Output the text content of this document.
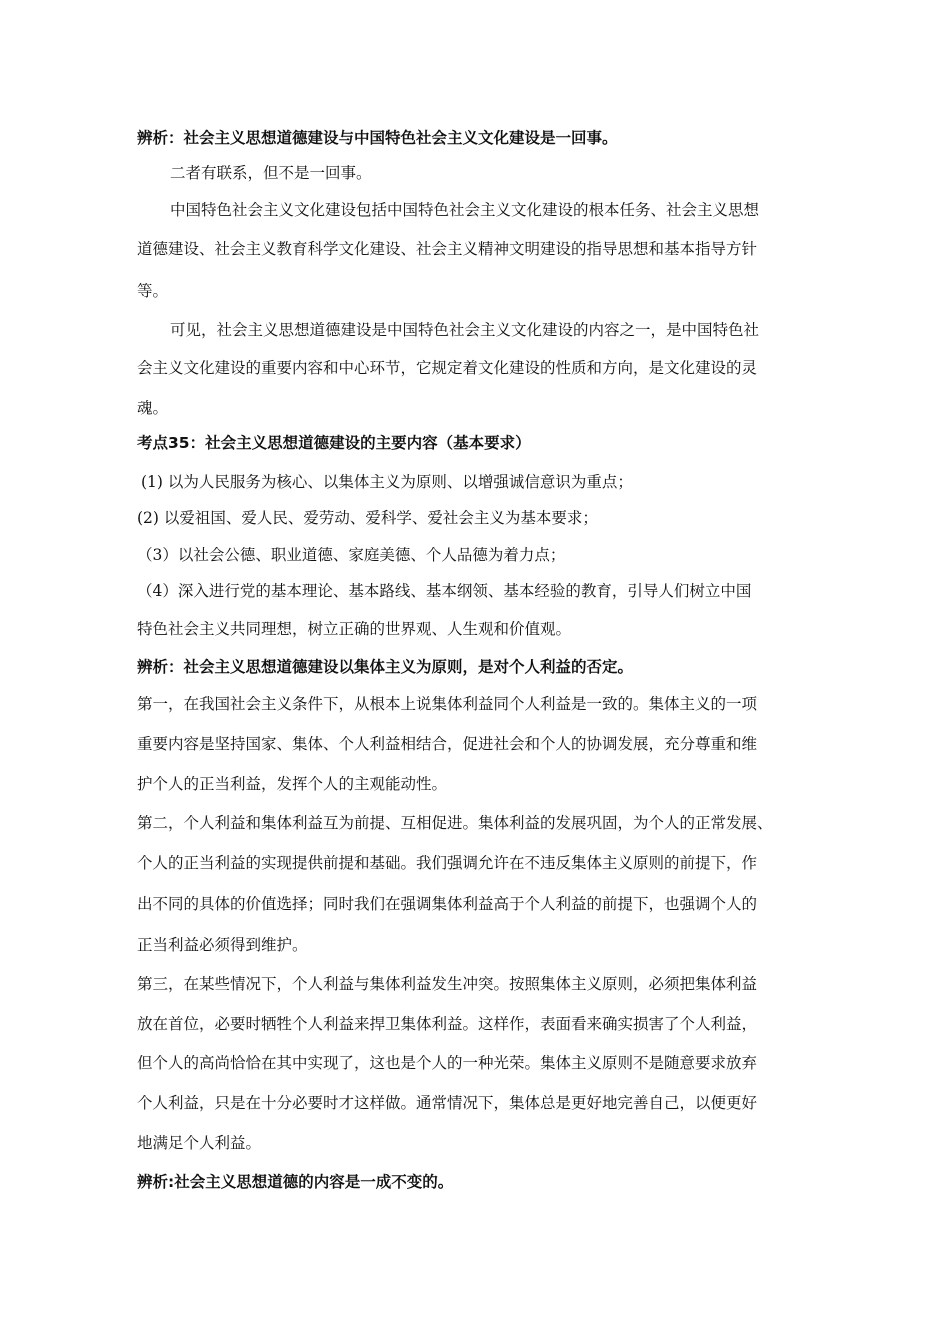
辨析：社会主义思想道德建设与中国特色社会主义文化建设是一回事。
二者有联系，但不是一回事。
中国特色社会主义文化建设包括中国特色社会主义文化建设的根本任务、社会主义思想
道德建设、社会主义教育科学文化建设、社会主义精神文明建设的指导思想和基本指导方针
等。
可见，社会主义思想道德建设是中国特色社会主义文化建设的内容之一，是中国特色社
会主义文化建设的重要内容和中心环节，它规定着文化建设的性质和方向，是文化建设的灵
魂。
考点35：社会主义思想道德建设的主要内容（基本要求）
(1) 以为人民服务为核心、以集体主义为原则、以增强诚信意识为重点；
(2) 以爱祖国、爱人民、爱劳动、爱科学、爱社会主义为基本要求；
（3）以社会公德、职业道德、家庭美德、个人品德为着力点；
（4）深入进行党的基本理论、基本路线、基本纲领、基本经验的教育，引导人们树立中国
特色社会主义共同理想，树立正确的世界观、人生观和价值观。
辨析：社会主义思想道德建设以集体主义为原则，是对个人利益的否定。
第一，在我国社会主义条件下，从根本上说集体利益同个人利益是一致的。集体主义的一项
重要内容是坚持国家、集体、个人利益相结合，促进社会和个人的协调发展，充分尊重和维
护个人的正当利益，发挥个人的主观能动性。
第二，个人利益和集体利益互为前提、互相促进。集体利益的发展巩固，为个人的正常发展、
个人的正当利益的实现提供前提和基础。我们强调允许在不违反集体主义原则的前提下，作
出不同的具体的价值选择；同时我们在强调集体利益高于个人利益的前提下，也强调个人的
正当利益必须得到维护。
第三，在某些情况下，个人利益与集体利益发生冲突。按照集体主义原则，必须把集体利益
放在首位，必要时牺牲个人利益来捍卫集体利益。这样作，表面看来确实损害了个人利益，
但个人的高尚恰恰在其中实现了，这也是个人的一种光荣。集体主义原则不是随意要求放弃
个人利益，只是在十分必要时才这样做。通常情况下，集体总是更好地完善自己，以便更好
地满足个人利益。
辨析:社会主义思想道德的内容是一成不变的。
